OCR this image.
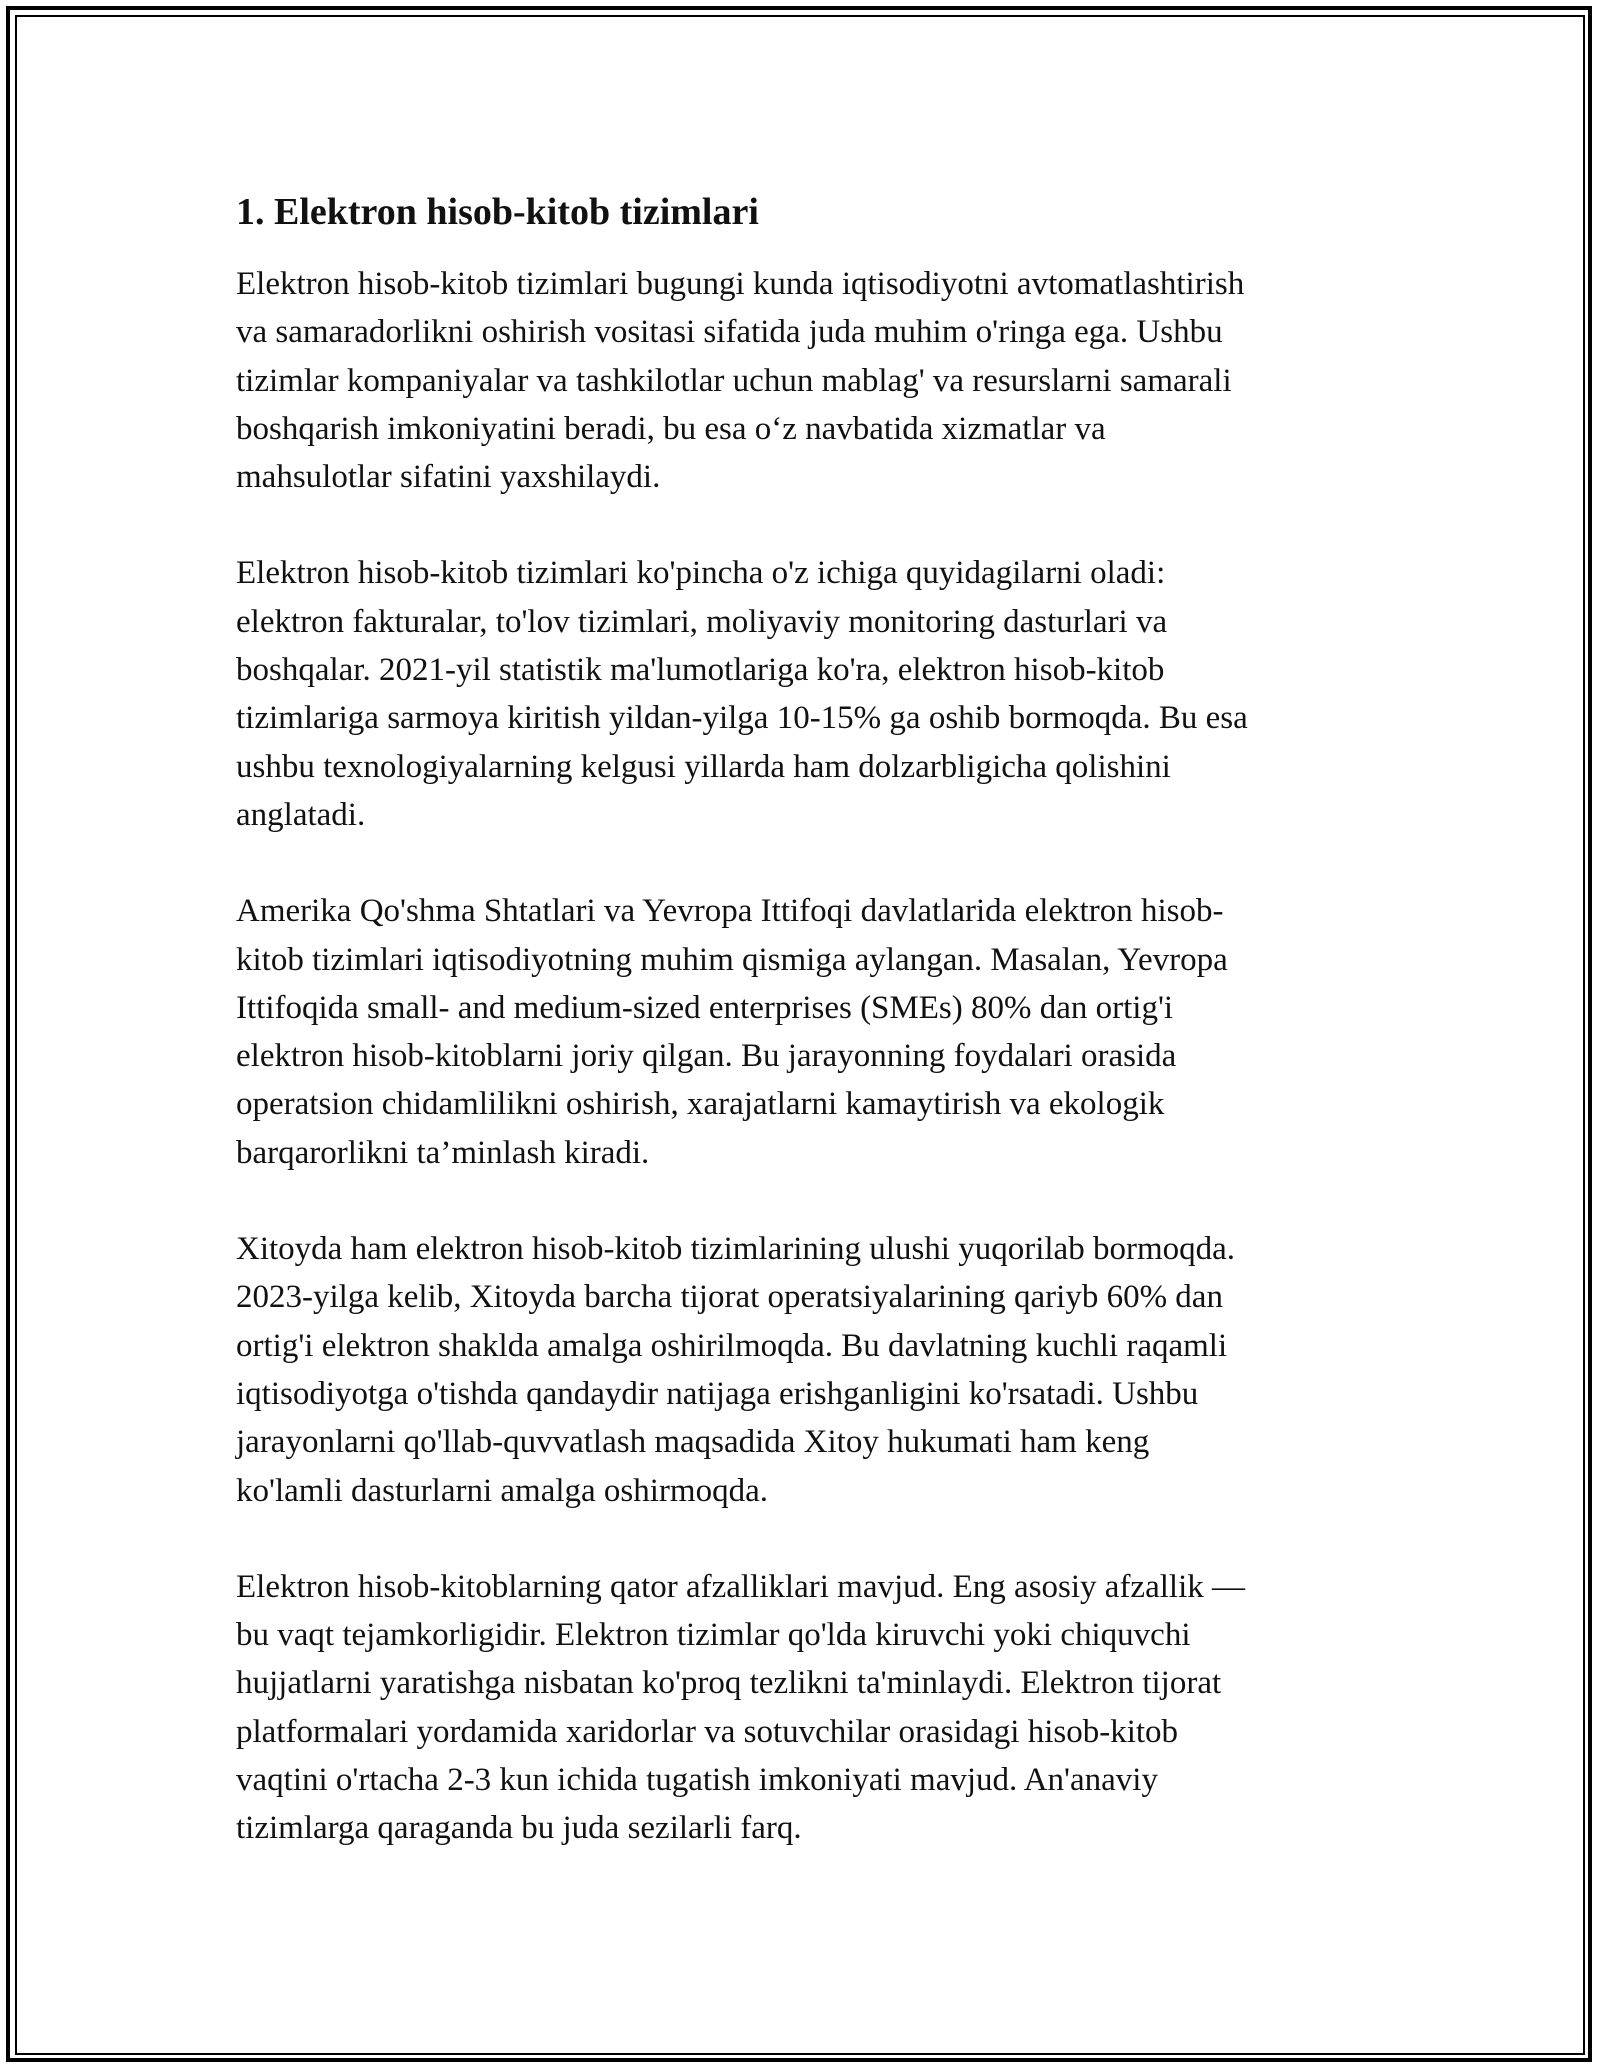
1. Elektron hisob-kitob tizimlari

Elektron hisob-kitob tizimlari bugungi kunda iqtisodiyotni avtomatlashtirish
va samaradorlikni oshirish vositasi sifatida juda muhim o'ringa ega. Ushbu
tizimlar kompaniyalar va tashkilotlar uchun mablag' va resurslarni samarali
boshqarish imkoniyatini beradi, bu esa o‘z navbatida xizmatlar va
mahsulotlar sifatini yaxshilaydi.

Elektron hisob-kitob tizimlari ko'pincha o'z ichiga quyidagilarni oladi:
elektron fakturalar, to'lov tizimlari, moliyaviy monitoring dasturlari va
boshqalar. 2021-yil statistik ma'lumotlariga ko'ra, elektron hisob-kitob
tizimlariga sarmoya kiritish yildan-yilga 10-15% ga oshib bormoqda. Bu esa
ushbu texnologiyalarning kelgusi yillarda ham dolzarbligicha qolishini
anglatadi.

Amerika Qo'shma Shtatlari va Yevropa Ittifoqi davlatlarida elektron hisob-
kitob tizimlari iqtisodiyotning muhim qismiga aylangan. Masalan, Yevropa
Ittifoqida small- and medium-sized enterprises (SMEs) 80% dan ortig'i
elektron hisob-kitoblarni joriy qilgan. Bu jarayonning foydalari orasida
operatsion chidamlilikni oshirish, xarajatlarni kamaytirish va ekologik
barqarorlikni ta’minlash kiradi.

Xitoyda ham elektron hisob-kitob tizimlarining ulushi yuqorilab bormoqda.
2023-yilga kelib, Xitoyda barcha tijorat operatsiyalarining qariyb 60% dan
ortig'i elektron shaklda amalga oshirilmoqda. Bu davlatning kuchli raqamli
iqtisodiyotga o'tishda qandaydir natijaga erishganligini ko'rsatadi. Ushbu
jarayonlarni qo'llab-quvvatlash maqsadida Xitoy hukumati ham keng
ko'lamli dasturlarni amalga oshirmoqda.

Elektron hisob-kitoblarning qator afzalliklari mavjud. Eng asosiy afzallik —
bu vaqt tejamkorligidir. Elektron tizimlar qo'lda kiruvchi yoki chiquvchi
hujjatlarni yaratishga nisbatan ko'proq tezlikni ta'minlaydi. Elektron tijorat
platformalari yordamida xaridorlar va sotuvchilar orasidagi hisob-kitob
vaqtini o'rtacha 2-3 kun ichida tugatish imkoniyati mavjud. An'anaviy
tizimlarga qaraganda bu juda sezilarli farq.
